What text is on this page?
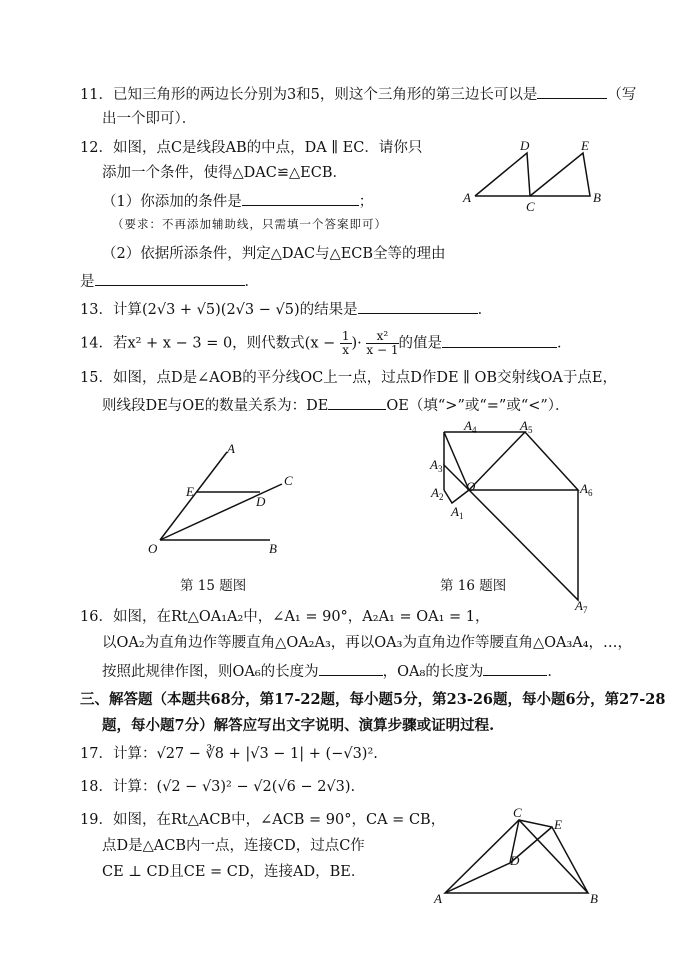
11．已知三角形的两边长分别为3和5，则这个三角形的第三边长可以是	（写
出一个即可）．
12．如图，点C是线段AB的中点，DA ∥ EC．请你只
添加一个条件，使得△DAC≌△ECB．
（1）你添加的条件是	；
（要求：不再添加辅助线，只需填一个答案即可）
（2）依据所添条件，判定△DAC与△ECB全等的理由
是	．
D	E
A
C
B
13．计算(2√3 + √5)(2√3 − √5)的结果是	．
14．若x² + x − 3 = 0，则代数式($x - \frac{1}{x}$ )· $\frac{\text{x²}}{x - 1}$ 的值是	．
15．如图，点D是∠AOB的平分线OC上一点，过点D作DE ∥ OB交射线OA于点E，
则线段DE与OE的数量关系为：DE	OE（填“>”或“=”或“<”）．
A
C
E
D
O	B
第 15 题图
$A_4$	$A_5$
$A_3$
$A_2$
O	$A_6$
$A_1$
$A_7$
第 16 题图
16．如图，在Rt△OA₁A₂中，∠A₁ = 90°，A₂A₁ = OA₁ = 1，
以OA₂为直角边作等腰直角△OA₂A₃，再以OA₃为直角边作等腰直角△OA₃A₄，…，
按照此规律作图，则OA₆的长度为	，OA₈的长度为	．
三、解答题（本题共68分，第17-22题，每小题5分，第23-26题，每小题6分，第27-28
题，每小题7分）解答应写出文字说明、演算步骤或证明过程.
17．计算：√27 − ∛8 + |√3 − 1| + (−√3)².
18．计算：(√2 − √3)² − √2(√6 − 2√3).
19．如图，在Rt△ACB中，∠ACB = 90°，CA = CB，
点D是△ACB内一点，连接CD，过点C作
CE ⊥ CD且CE = CD，连接AD，BE．
C
E
D
A	B
